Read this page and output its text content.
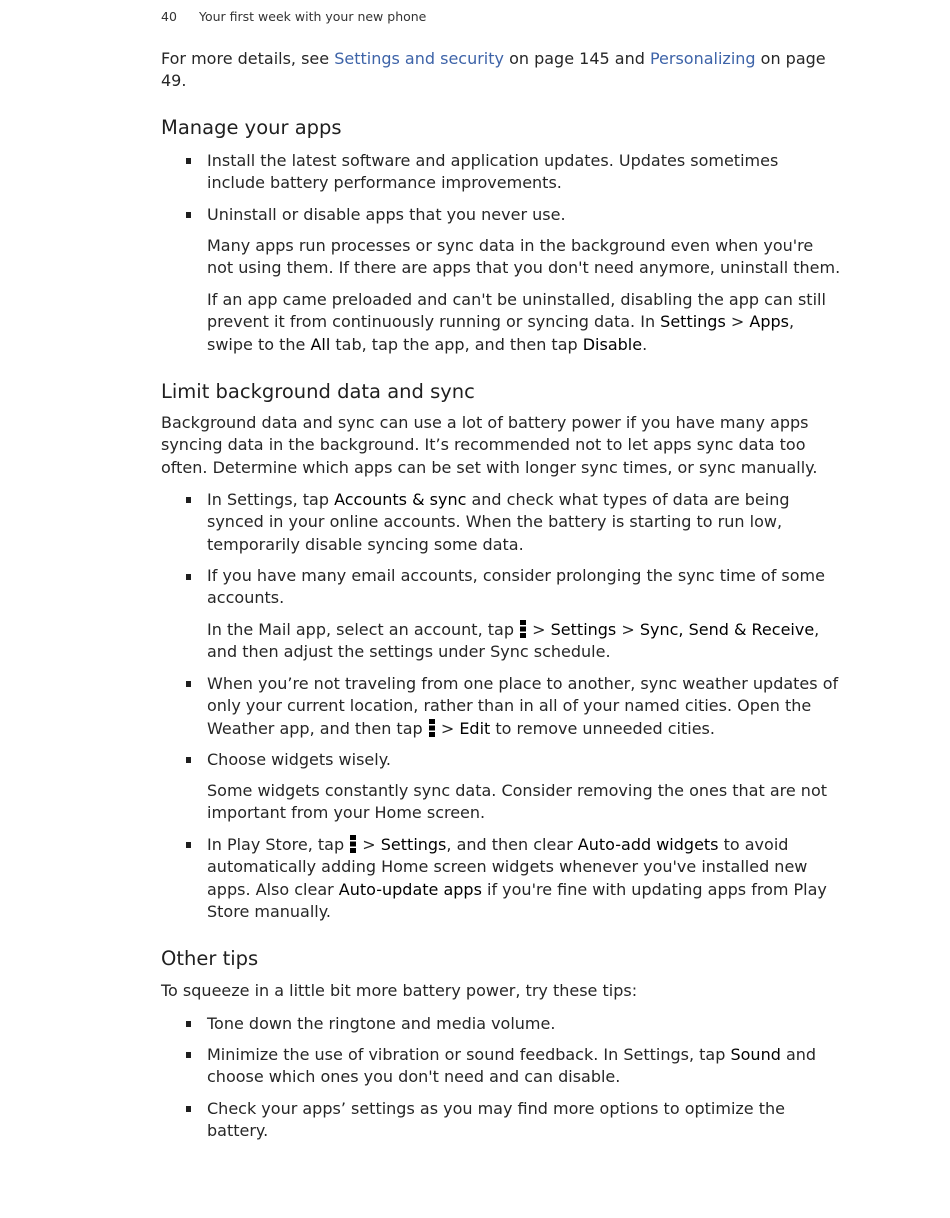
40 Your first week with your new phone

For more details, see Settings and security on page 145 and Personalizing on page 49.

Manage your apps

Install the latest software and application updates. Updates sometimes include battery performance improvements.

Uninstall or disable apps that you never use.

Many apps run processes or sync data in the background even when you're not using them. If there are apps that you don't need anymore, uninstall them.

If an app came preloaded and can't be uninstalled, disabling the app can still prevent it from continuously running or syncing data. In Settings > Apps, swipe to the All tab, tap the app, and then tap Disable.

Limit background data and sync

Background data and sync can use a lot of battery power if you have many apps syncing data in the background. It’s recommended not to let apps sync data too often. Determine which apps can be set with longer sync times, or sync manually.

In Settings, tap Accounts & sync and check what types of data are being synced in your online accounts. When the battery is starting to run low, temporarily disable syncing some data.

If you have many email accounts, consider prolonging the sync time of some accounts.

In the Mail app, select an account, tap
> Settings > Sync, Send & Receive, and then adjust the settings under Sync schedule.

When you’re not traveling from one place to another, sync weather updates of only your current location, rather than in all of your named cities. Open the Weather app, and then tap
> Edit to remove unneeded cities.

Choose widgets wisely.

Some widgets constantly sync data. Consider removing the ones that are not important from your Home screen.

In Play Store, tap
> Settings, and then clear Auto-add widgets to avoid automatically adding Home screen widgets whenever you've installed new apps. Also clear Auto-update apps if you're fine with updating apps from Play Store manually.

Other tips

To squeeze in a little bit more battery power, try these tips:

Tone down the ringtone and media volume.

Minimize the use of vibration or sound feedback. In Settings, tap Sound and choose which ones you don't need and can disable.

Check your apps’ settings as you may find more options to optimize the battery.
